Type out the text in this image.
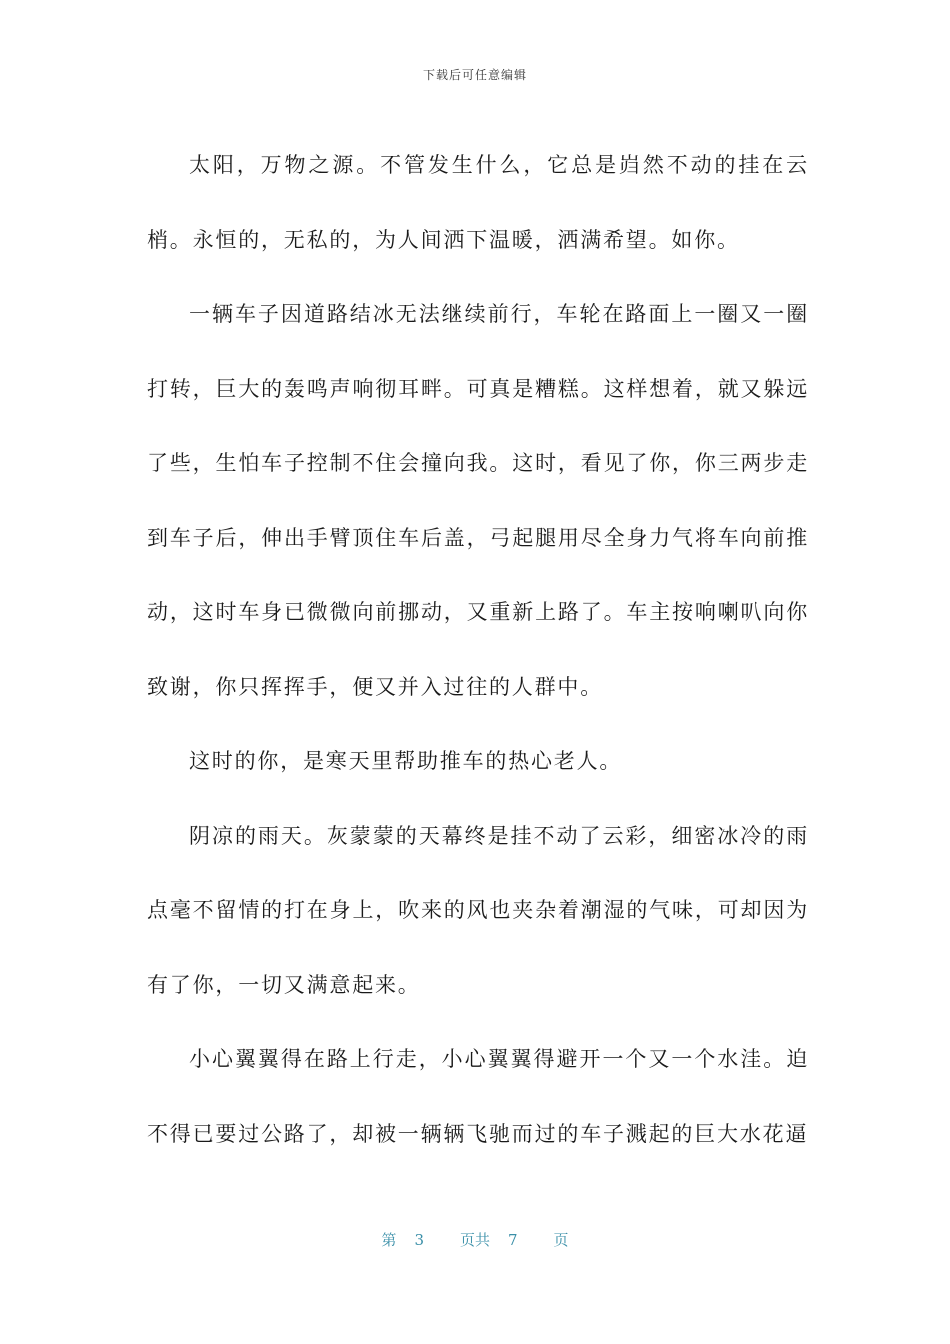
下载后可任意编辑

太阳，万物之源。不管发生什么，它总是岿然不动的挂在云梢。永恒的，无私的，为人间洒下温暖，洒满希望。如你。

一辆车子因道路结冰无法继续前行，车轮在路面上一圈又一圈打转，巨大的轰鸣声响彻耳畔。可真是糟糕。这样想着，就又躲远了些，生怕车子控制不住会撞向我。这时，看见了你，你三两步走到车子后，伸出手臂顶住车后盖，弓起腿用尽全身力气将车向前推动，这时车身已微微向前挪动，又重新上路了。车主按响喇叭向你致谢，你只挥挥手，便又并入过往的人群中。

这时的你，是寒天里帮助推车的热心老人。

阴凉的雨天。灰蒙蒙的天幕终是挂不动了云彩，细密冰冷的雨点毫不留情的打在身上，吹来的风也夹杂着潮湿的气味，可却因为有了你，一切又满意起来。

小心翼翼得在路上行走，小心翼翼得避开一个又一个水洼。迫不得已要过公路了，却被一辆辆飞驰而过的车子溅起的巨大水花逼

第 3 页共 7 页
